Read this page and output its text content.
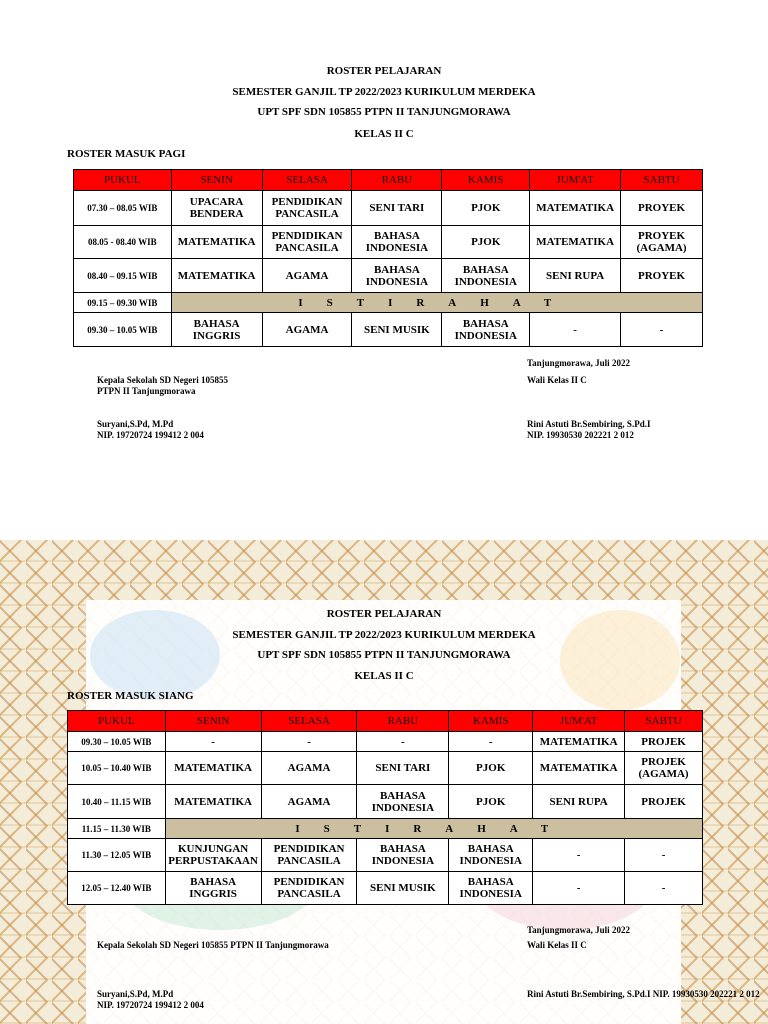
ROSTER PELAJARAN
SEMESTER GANJIL TP 2022/2023 KURIKULUM MERDEKA
UPT SPF SDN 105855 PTPN II TANJUNGMORAWA
KELAS II C
ROSTER MASUK PAGI
PUKUL	SENIN	SELASA	RABU	KAMIS	JUM'AT	SABTU
07.30 – 08.05 WIB	UPACARA BENDERA	PENDIDIKAN PANCASILA	SENI TARI	PJOK	MATEMATIKA	PROYEK
08.05 - 08.40 WIB	MATEMATIKA	PENDIDIKAN PANCASILA	BAHASA INDONESIA	PJOK	MATEMATIKA	PROYEK (AGAMA)
08.40 – 09.15 WIB	MATEMATIKA	AGAMA	BAHASA INDONESIA	BAHASA INDONESIA	SENI RUPA	PROYEK
09.15 – 09.30 WIB	ISTIRAHAT					
09.30 – 10.05 WIB	BAHASA INGGRIS	AGAMA	SENI MUSIK	BAHASA INDONESIA	-	-
Tanjungmorawa, Juli 2022
Kepala Sekolah SD Negeri 105855
PTPN II Tanjungmorawa
Suryani,S.Pd, M.Pd
NIP. 19720724 199412 2 004
Wali Kelas II C
Rini Astuti Br.Sembiring, S.Pd.I
NIP. 19930530 202221 2 012
ROSTER PELAJARAN
SEMESTER GANJIL TP 2022/2023 KURIKULUM MERDEKA
UPT SPF SDN 105855 PTPN II TANJUNGMORAWA
KELAS II C
ROSTER MASUK SIANG
PUKUL	SENIN	SELASA	RABU	KAMIS	JUM'AT	SABTU
09.30 – 10.05 WIB	-	-	-	-	MATEMATIKA	PROJEK
10.05 – 10.40 WIB	MATEMATIKA	AGAMA	SENI TARI	PJOK	MATEMATIKA	PROJEK (AGAMA)
10.40 – 11.15 WIB	MATEMATIKA	AGAMA	BAHASA INDONESIA	PJOK	SENI RUPA	PROJEK
11.15 – 11.30 WIB	ISTIRAHAT					
11.30 – 12.05 WIB	KUNJUNGAN PERPUSTAKAAN	PENDIDIKAN PANCASILA	BAHASA INDONESIA	BAHASA INDONESIA	-	-
12.05 – 12.40 WIB	BAHASA INGGRIS	PENDIDIKAN PANCASILA	SENI MUSIK	BAHASA INDONESIA	-	-
Tanjungmorawa, Juli 2022
Kepala Sekolah SD Negeri 105855 PTPN II Tanjungmorawa
Suryani,S.Pd, M.Pd
NIP. 19720724 199412 2 004
Wali Kelas II C
Rini Astuti Br.Sembiring, S.Pd.I NIP. 19930530 202221 2 012
